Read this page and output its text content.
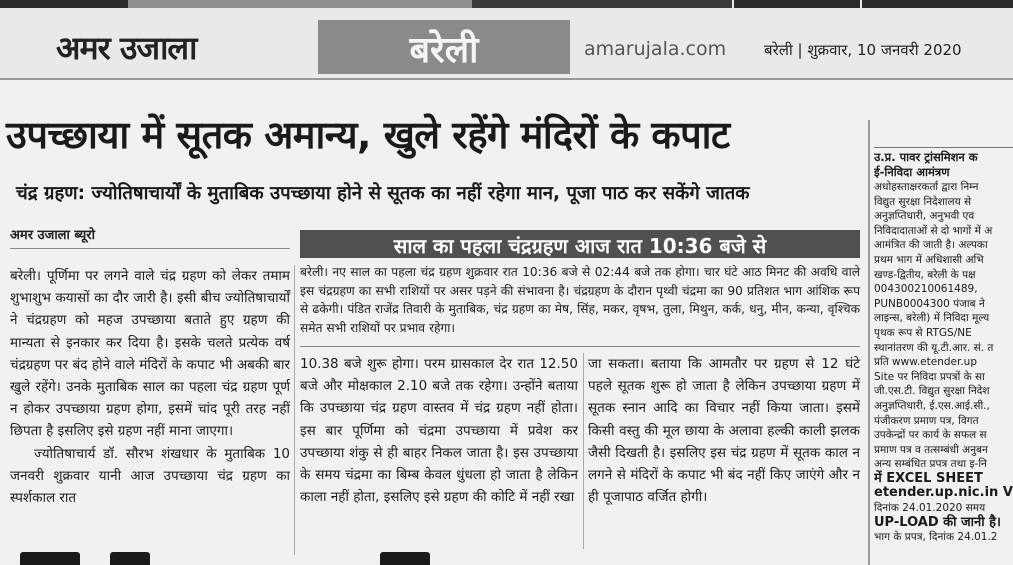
अमर उजाला	बरेली	amarujala.com	बरेली | शुक्रवार, 10 जनवरी 2020
उपच्छाया में सूतक अमान्य, खुले रहेंगे मंदिरों के कपाट
चंद्र ग्रहण: ज्योतिषाचार्यों के मुताबिक उपच्छाया होने से सूतक का नहीं रहेगा मान, पूजा पाठ कर सकेंगे जातक
अमर उजाला ब्यूरो	साल का पहला चंद्रग्रहण आज रात 10:36 बजे से

बरेली। पूर्णिमा पर लगने वाले चंद्र ग्रहण को लेकर तमाम शुभाशुभ कयासों का दौर जारी है। इसी बीच ज्योतिषाचार्यों ने चंद्रग्रहण को महज उपच्छाया बताते हुए ग्रहण की मान्यता से इनकार कर दिया है। इसके चलते प्रत्येक वर्ष चंद्रग्रहण पर बंद होने वाले मंदिरों के कपाट भी अबकी बार खुले रहेंगे। उनके मुताबिक साल का पहला चंद्र ग्रहण पूर्ण न होकर उपच्छाया ग्रहण होगा, इसमें चांद पूरी तरह नहीं छिपता है इसलिए इसे ग्रहण नहीं माना जाएगा।

ज्योतिषाचार्य डॉ. सौरभ शंखधार के मुताबिक 10 जनवरी शुक्रवार यानी आज उपच्छाया चंद्र ग्रहण का स्पर्शकाल रात

बरेली। नए साल का पहला चंद्र ग्रहण शुक्रवार रात 10:36 बजे से 02:44 बजे तक होगा। चार घंटे आठ मिनट की अवधि वाले इस चंद्रग्रहण का सभी राशियों पर असर पड़ने की संभावना है। चंद्रग्रहण के दौरान पृथ्वी चंद्रमा का 90 प्रतिशत भाग आंशिक रूप से ढकेगी। पंडित राजेंद्र तिवारी के मुताबिक, चंद्र ग्रहण का मेष, सिंह, मकर, वृषभ, तुला, मिथुन, कर्क, धनु, मीन, कन्या, वृश्चिक समेत सभी राशियों पर प्रभाव रहेगा।
10.38 बजे शुरू होगा। परम ग्रासकाल देर रात 12.50 बजे और मोक्षकाल 2.10 बजे तक रहेगा। उन्होंने बताया कि उपच्छाया चंद्र ग्रहण वास्तव में चंद्र ग्रहण नहीं होता। इस बार पूर्णिमा को चंद्रमा उपच्छाया में प्रवेश कर उपच्छाया शंकु से ही बाहर निकल जाता है। इस उपच्छाया के समय चंद्रमा का बिम्ब केवल धुंधला हो जाता है लेकिन काला नहीं होता, इसलिए इसे ग्रहण की कोटि में नहीं रखा
जा सकता। बताया कि आमतौर पर ग्रहण से 12 घंटे पहले सूतक शुरू हो जाता है लेकिन उपच्छाया ग्रहण में सूतक स्नान आदि का विचार नहीं किया जाता। इसमें किसी वस्तु की मूल छाया के अलावा हल्की काली झलक जैसी दिखती है। इसलिए इस चंद्र ग्रहण में सूतक काल न लगने से मंदिरों के कपाट भी बंद नहीं किए जाएंगे और न ही पूजापाठ वर्जित होगी।
उ.प्र. पावर ट्रांसमिशन क
ई-निविदा आमंत्रण
अधोहस्ताक्षरकर्ता द्वारा निम्न
विद्युत सुरक्षा निदेशालय से
अनुज्ञप्तिधारी, अनुभवी एव
निविदादाताओं से दो भागों में अ
आमंत्रित की जाती है। अल्पका
प्रथम भाग में अधिशासी अभि
खण्ड-द्वितीय, बरेली के पक्ष
004300210061489,
PUNB0004300 पंजाब ने
लाइन्स, बरेली) में निविदा मूल्य
पृथक रूप से RTGS/NE
स्थानांतरण की यू.टी.आर. सं. त
प्रति www.etender.up
Site पर निविदा प्रपत्रों के सा
जी.एस.टी. विद्युत सुरक्षा निदेश
अनुज्ञप्तिधारी, ई.एस.आई.सी.,
पंजीकरण प्रमाण पत्र, विगत
उपकेन्द्रों पर कार्य के सफल स
प्रमाण पत्र व तत्सम्बंधी अनुबन
अन्य सम्बंधित प्रपत्र तथा इ-नि
में EXCEL SHEET
etender.up.nic.in V
दिनांक 24.01.2020 समय
UP-LOAD की जानी है।
भाग के प्रपत्र, दिनांक 24.01.2
